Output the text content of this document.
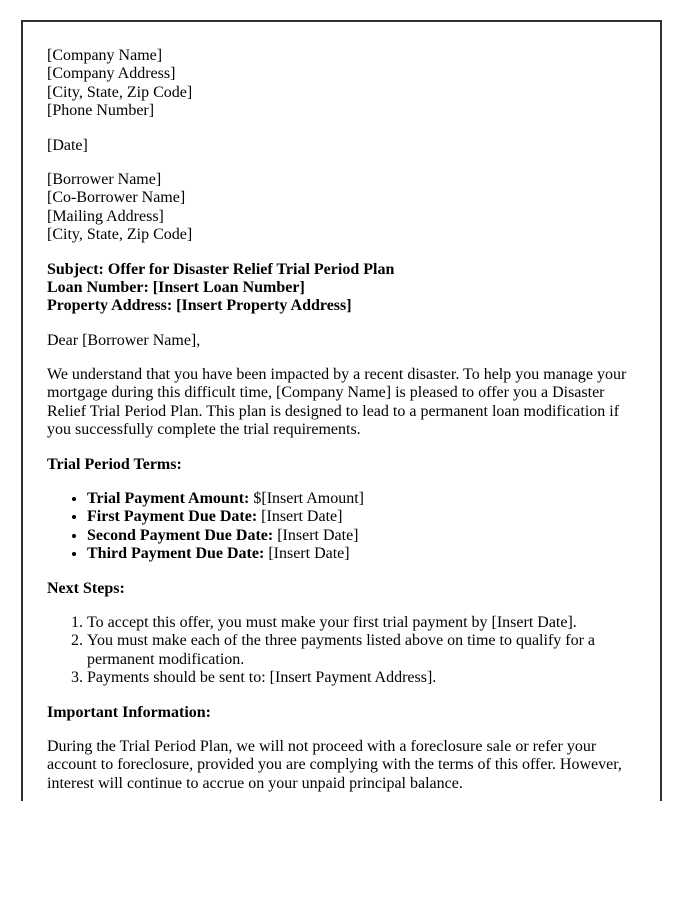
[Company Name]
[Company Address]
[City, State, Zip Code]
[Phone Number]

[Date]

[Borrower Name]
[Co-Borrower Name]
[Mailing Address]
[City, State, Zip Code]

Subject: Offer for Disaster Relief Trial Period Plan
Loan Number: [Insert Loan Number]
Property Address: [Insert Property Address]

Dear [Borrower Name],

We understand that you have been impacted by a recent disaster. To help you manage your mortgage during this difficult time, [Company Name] is pleased to offer you a Disaster Relief Trial Period Plan. This plan is designed to lead to a permanent loan modification if you successfully complete the trial requirements.

Trial Period Terms:

• Trial Payment Amount: $[Insert Amount]
• First Payment Due Date: [Insert Date]
• Second Payment Due Date: [Insert Date]
• Third Payment Due Date: [Insert Date]

Next Steps:

1. To accept this offer, you must make your first trial payment by [Insert Date].
2. You must make each of the three payments listed above on time to qualify for a permanent modification.
3. Payments should be sent to: [Insert Payment Address].

Important Information:

During the Trial Period Plan, we will not proceed with a foreclosure sale or refer your account to foreclosure, provided you are complying with the terms of this offer. However, interest will continue to accrue on your unpaid principal balance.
